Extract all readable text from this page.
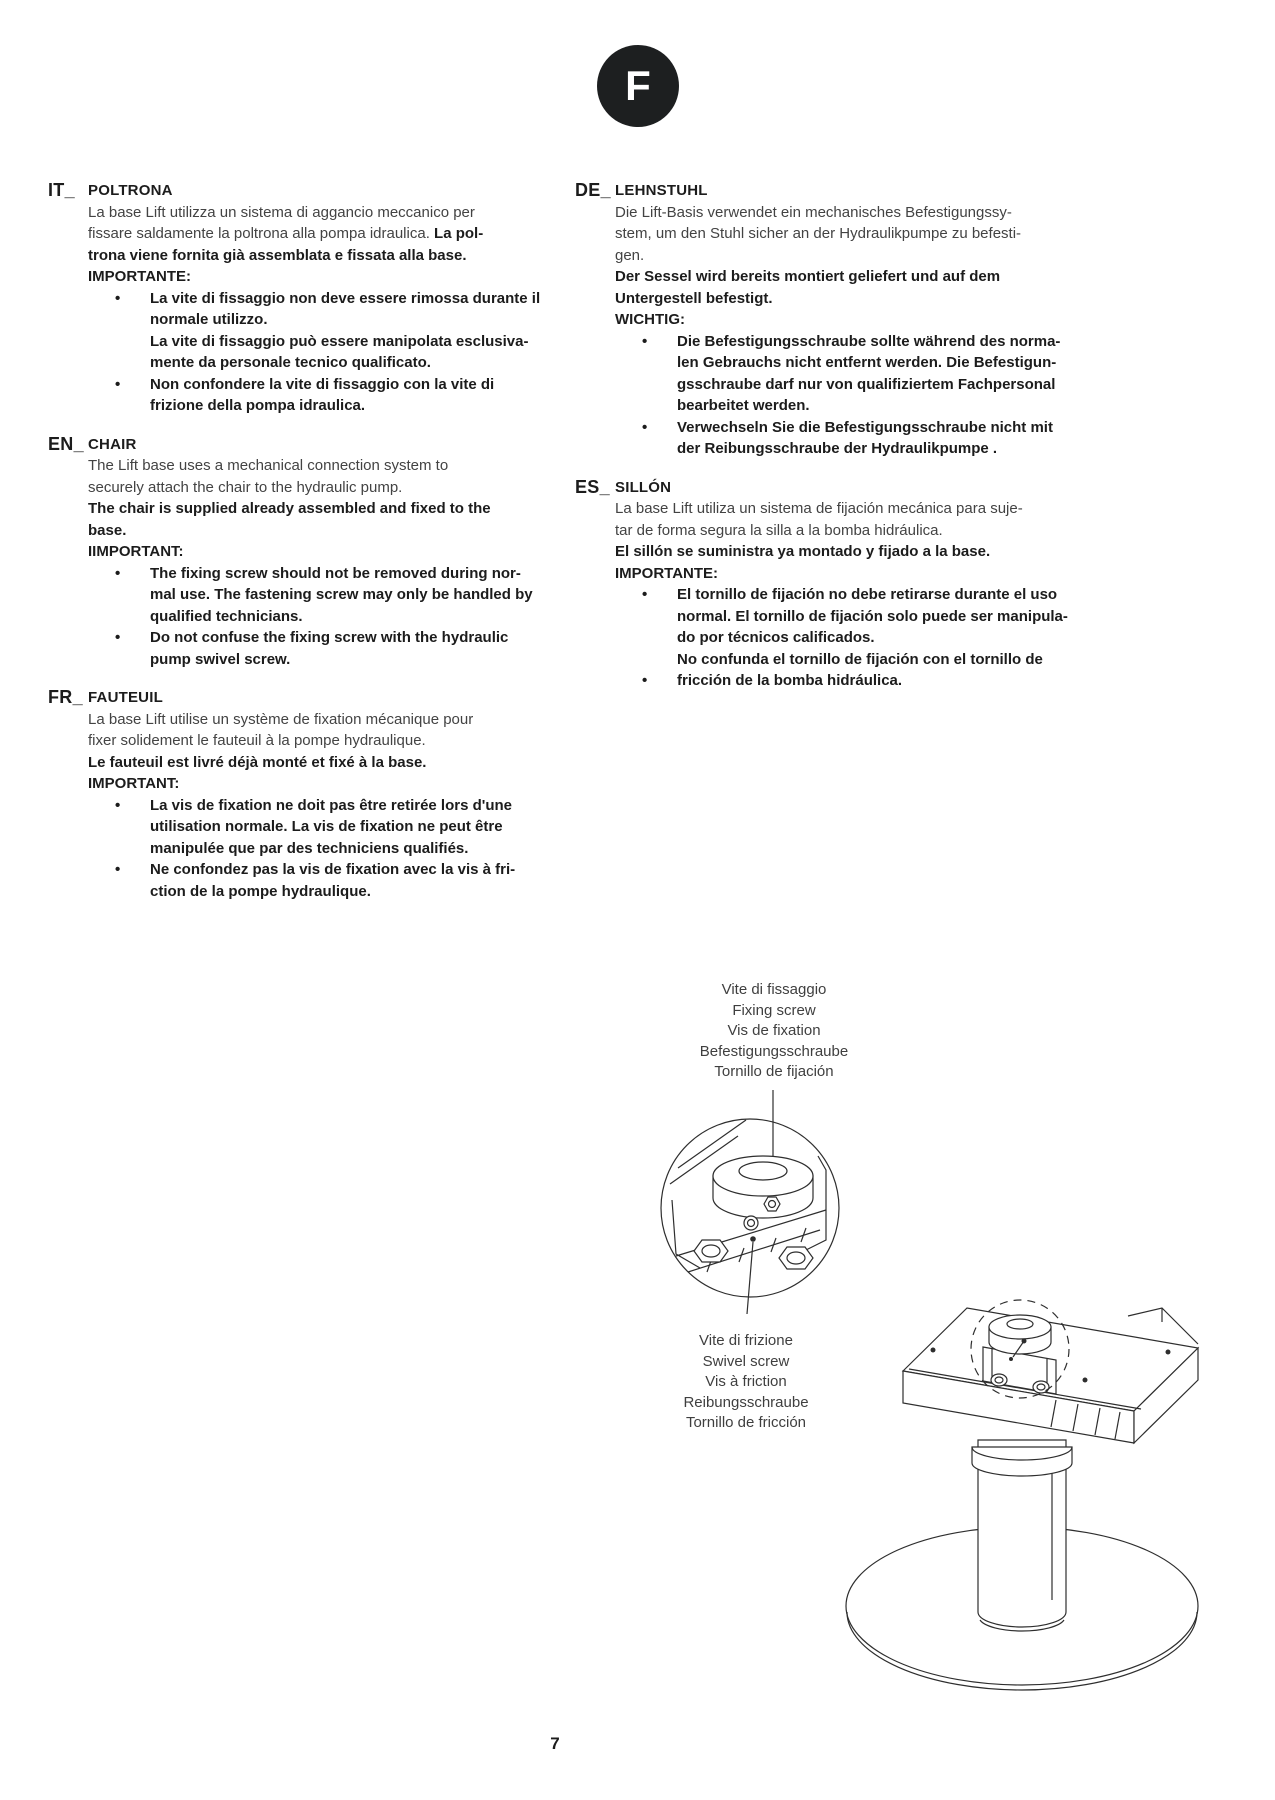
F
IT_ POLTRONA
La base Lift utilizza un sistema di aggancio meccanico per
fissare saldamente la poltrona alla pompa idraulica. La pol-
trona viene fornita già assemblata e fissata alla base.
IMPORTANTE:
•	La vite di fissaggio non deve essere rimossa durante il
normale utilizzo.
La vite di fissaggio può essere manipolata esclusiva-
mente da personale tecnico qualificato.
•	Non confondere la vite di fissaggio con la vite di
frizione della pompa idraulica.
EN_ CHAIR
The Lift base uses a mechanical connection system to
securely attach the chair to the hydraulic pump.
The chair is supplied already assembled and fixed to the
base.
IIMPORTANT:
•	The fixing screw should not be removed during nor-
mal use. The fastening screw may only be handled by
qualified technicians.
•	Do not confuse the fixing screw with the hydraulic
pump swivel screw.
FR_ FAUTEUIL
La base Lift utilise un système de fixation mécanique pour
fixer solidement le fauteuil à la pompe hydraulique.
Le fauteuil est livré déjà monté et fixé à la base.
IMPORTANT:
•	La vis de fixation ne doit pas être retirée lors d'une
utilisation normale. La vis de fixation ne peut être
manipulée que par des techniciens qualifiés.
•	Ne confondez pas la vis de fixation avec la vis à fri-
ction de la pompe hydraulique.
DE_ LEHNSTUHL
Die Lift-Basis verwendet ein mechanisches Befestigungssy-
stem, um den Stuhl sicher an der Hydraulikpumpe zu befesti-
gen.
Der Sessel wird bereits montiert geliefert und auf dem
Untergestell befestigt.
WICHTIG:
•	Die Befestigungsschraube sollte während des norma-
len Gebrauchs nicht entfernt werden. Die Befestigun-
gsschraube darf nur von qualifiziertem Fachpersonal
bearbeitet werden.
•	Verwechseln Sie die Befestigungsschraube nicht mit
der Reibungsschraube der Hydraulikpumpe .
ES_ SILLÓN
La base Lift utiliza un sistema de fijación mecánica para suje-
tar de forma segura la silla a la bomba hidráulica.
El sillón se suministra ya montado y fijado a la base.
IMPORTANTE:
•	El tornillo de fijación no debe retirarse durante el uso
normal. El tornillo de fijación solo puede ser manipula-
do por técnicos calificados.
No confunda el tornillo de fijación con el tornillo de
•	fricción de la bomba hidráulica.
Vite di fissaggio
Fixing screw
Vis de fixation
Befestigungsschraube
Tornillo de fijación
Vite di frizione
Swivel screw
Vis à friction
Reibungsschraube
Tornillo de fricción
7
